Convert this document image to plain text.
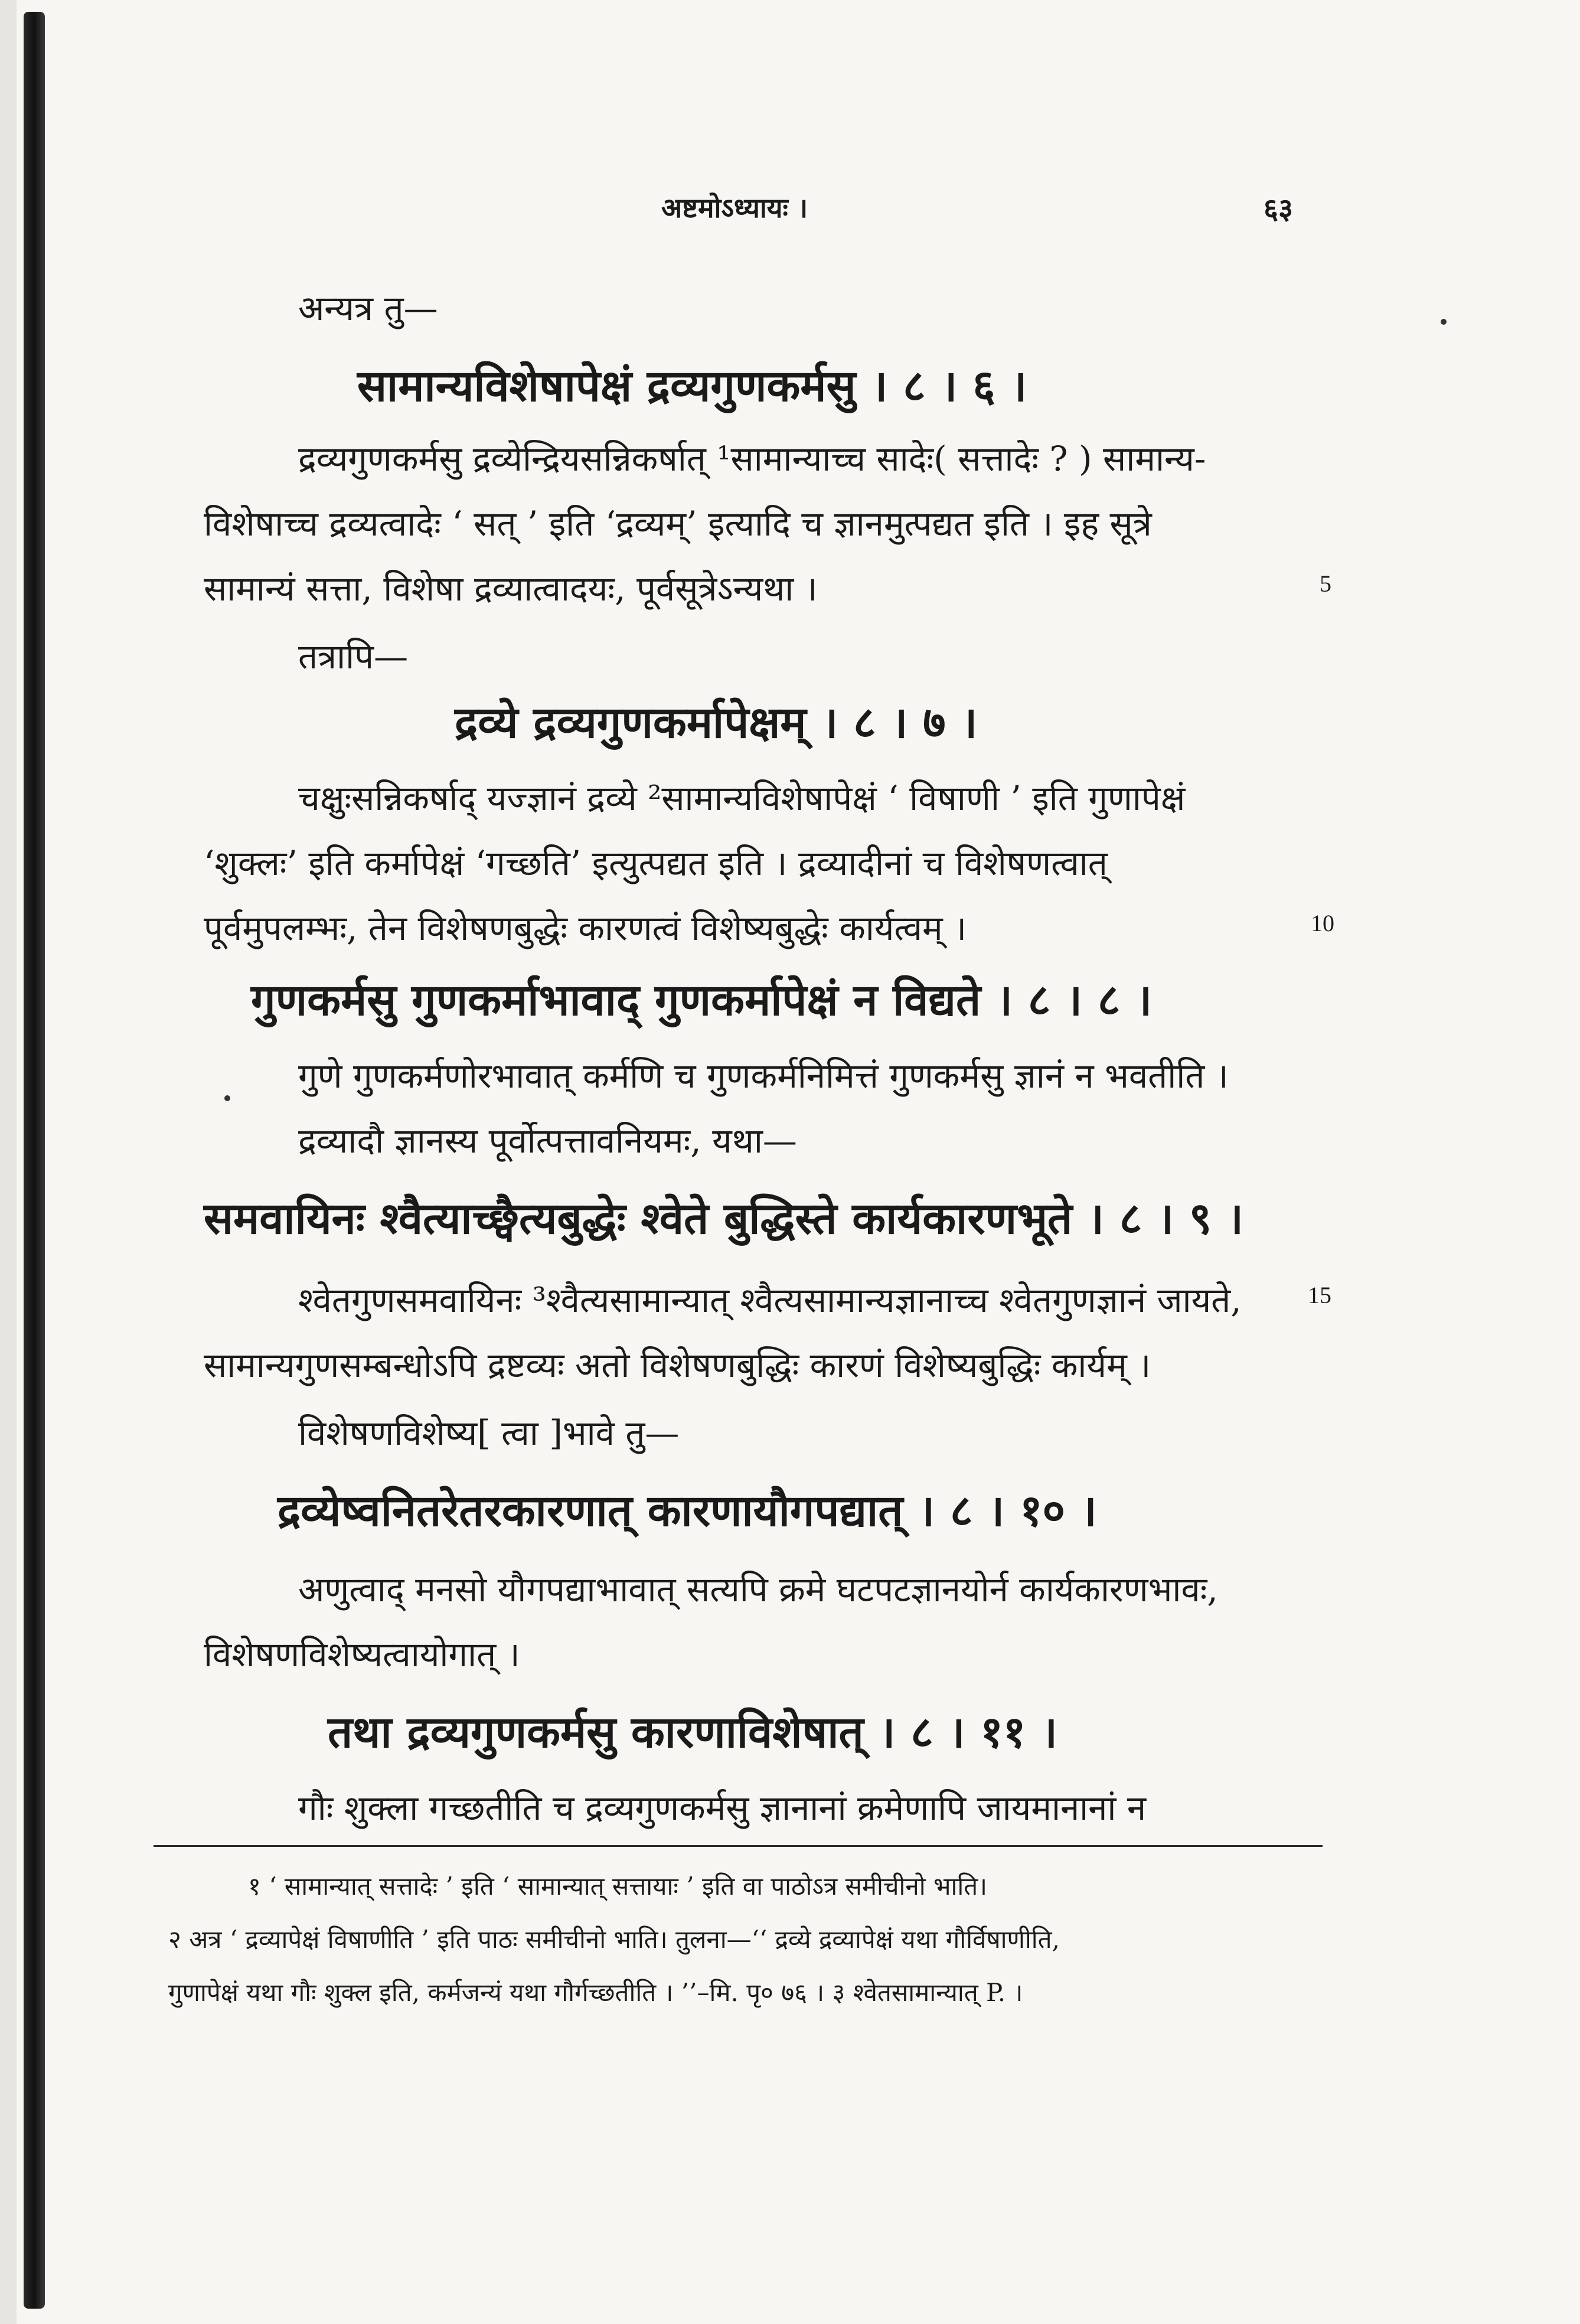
अष्टमोऽध्यायः ।	६३
अन्यत्र तु—
सामान्यविशेषापेक्षं द्रव्यगुणकर्मसु । ८ । ६ ।
द्रव्यगुणकर्मसु द्रव्येन्द्रियसन्निकर्षात् ¹सामान्याच्च सादेः( सत्तादेः ? ) सामान्य-
विशेषाच्च द्रव्यत्वादेः ‘ सत् ’ इति ‘द्रव्यम्’ इत्यादि च ज्ञानमुत्पद्यत इति । इह सूत्रे
सामान्यं सत्ता, विशेषा द्रव्यात्वादयः, पूर्वसूत्रेऽन्यथा ।	5
तत्रापि—
द्रव्ये द्रव्यगुणकर्मापेक्षम् । ८ । ७ ।
चक्षुःसन्निकर्षाद् यज्ज्ञानं द्रव्ये ²सामान्यविशेषापेक्षं ‘ विषाणी ’ इति गुणापेक्षं
‘शुक्लः’ इति कर्मापेक्षं ‘गच्छति’ इत्युत्पद्यत इति । द्रव्यादीनां च विशेषणत्वात्
पूर्वमुपलम्भः, तेन विशेषणबुद्धेः कारणत्वं विशेष्यबुद्धेः कार्यत्वम् ।	10
गुणकर्मसु गुणकर्माभावाद् गुणकर्मापेक्षं न विद्यते । ८ । ८ ।
गुणे गुणकर्मणोरभावात् कर्मणि च गुणकर्मनिमित्तं गुणकर्मसु ज्ञानं न भवतीति ।
द्रव्यादौ ज्ञानस्य पूर्वोत्पत्तावनियमः, यथा—
समवायिनः श्वैत्याच्छ्वैत्यबुद्धेः श्वेते बुद्धिस्ते कार्यकारणभूते । ८ । ९ ।
श्वेतगुणसमवायिनः ³श्वैत्यसामान्यात् श्वैत्यसामान्यज्ञानाच्च श्वेतगुणज्ञानं जायते,	15
सामान्यगुणसम्बन्धोऽपि द्रष्टव्यः अतो विशेषणबुद्धिः कारणं विशेष्यबुद्धिः कार्यम् ।
विशेषणविशेष्य[ त्वा ]भावे तु—
द्रव्येष्वनितरेतरकारणात् कारणायौगपद्यात् । ८ । १० ।
अणुत्वाद् मनसो यौगपद्याभावात् सत्यपि क्रमे घटपटज्ञानयोर्न कार्यकारणभावः,
विशेषणविशेष्यत्वायोगात् ।
तथा द्रव्यगुणकर्मसु कारणाविशेषात् । ८ । ११ ।
गौः शुक्ला गच्छतीति च द्रव्यगुणकर्मसु ज्ञानानां क्रमेणापि जायमानानां न
१ ‘ सामान्यात् सत्तादेः ’ इति ‘ सामान्यात् सत्तायाः ’ इति वा पाठोऽत्र समीचीनो भाति।
२ अत्र ‘ द्रव्यापेक्षं विषाणीति ’ इति पाठः समीचीनो भाति। तुलना—‘‘ द्रव्ये द्रव्यापेक्षं यथा गौर्विषाणीति,
गुणापेक्षं यथा गौः शुक्ल इति, कर्मजन्यं यथा गौर्गच्छतीति । ’’–मि. पृ० ७६ । ३ श्वेतसामान्यात् P. ।
